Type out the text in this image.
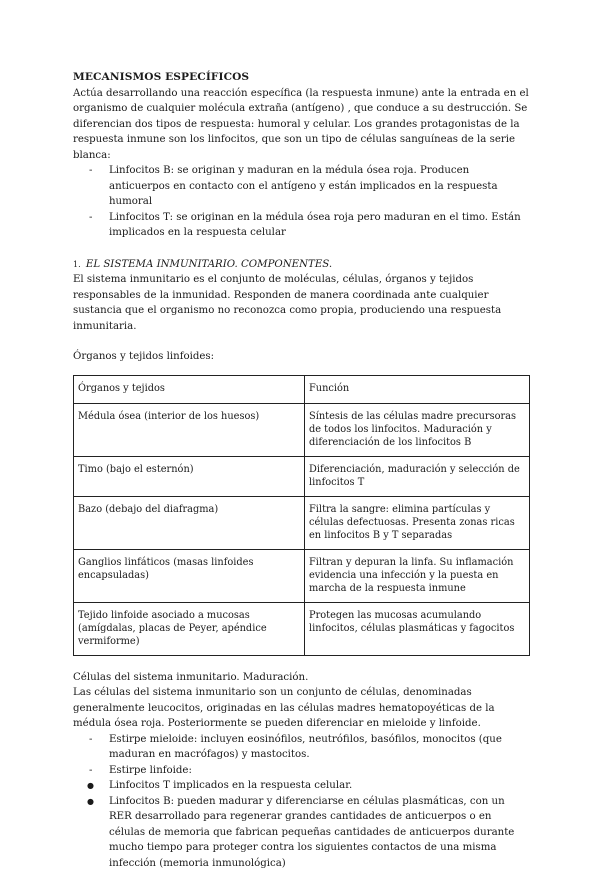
MECANISMOS ESPECÍFICOS

Actúa desarrollando una reacción específica (la respuesta inmune) ante la entrada en el organismo de cualquier molécula extraña (antígeno) , que conduce a su destrucción. Se diferencian dos tipos de respuesta: humoral y celular. Los grandes protagonistas de la respuesta inmune son los linfocitos, que son un tipo de células sanguíneas de la serie blanca:

- Linfocitos B: se originan y maduran en la médula ósea roja. Producen anticuerpos en contacto con el antígeno y están implicados en la respuesta humoral
- Linfocitos T: se originan en la médula ósea roja pero maduran en el timo. Están implicados en la respuesta celular

1. EL SISTEMA INMUNITARIO. COMPONENTES.

El sistema inmunitario es el conjunto de moléculas, células, órganos y tejidos responsables de la inmunidad. Responden de manera coordinada ante cualquier sustancia que el organismo no reconozca como propia, produciendo una respuesta inmunitaria.

Órganos y tejidos linfoides:

Órganos y tejidos	Función
Médula ósea (interior de los huesos)	Síntesis de las células madre precursoras de todos los linfocitos. Maduración y diferenciación de los linfocitos B
Timo (bajo el esternón)	Diferenciación, maduración y selección de linfocitos T
Bazo (debajo del diafragma)	Filtra la sangre: elimina partículas y células defectuosas. Presenta zonas ricas en linfocitos B y T separadas
Ganglios linfáticos (masas linfoides encapsuladas)	Filtran y depuran la linfa. Su inflamación evidencia una infección y la puesta en marcha de la respuesta inmune
Tejido linfoide asociado a mucosas (amígdalas, placas de Peyer, apéndice vermiforme)	Protegen las mucosas acumulando linfocitos, células plasmáticas y fagocitos

Células del sistema inmunitario. Maduración.

Las células del sistema inmunitario son un conjunto de células, denominadas generalmente leucocitos, originadas en las células madres hematopoyéticas de la médula ósea roja. Posteriormente se pueden diferenciar en mieloide y linfoide.

- Estirpe mieloide: incluyen eosinófilos, neutrófilos, basófilos, monocitos (que maduran en macrófagos) y mastocitos.
- Estirpe linfoide:
● Linfocitos T implicados en la respuesta celular.
● Linfocitos B: pueden madurar y diferenciarse en células plasmáticas, con un RER desarrollado para regenerar grandes cantidades de anticuerpos o en células de memoria que fabrican pequeñas cantidades de anticuerpos durante mucho tiempo para proteger contra los siguientes contactos de una misma infección (memoria inmunológica)
